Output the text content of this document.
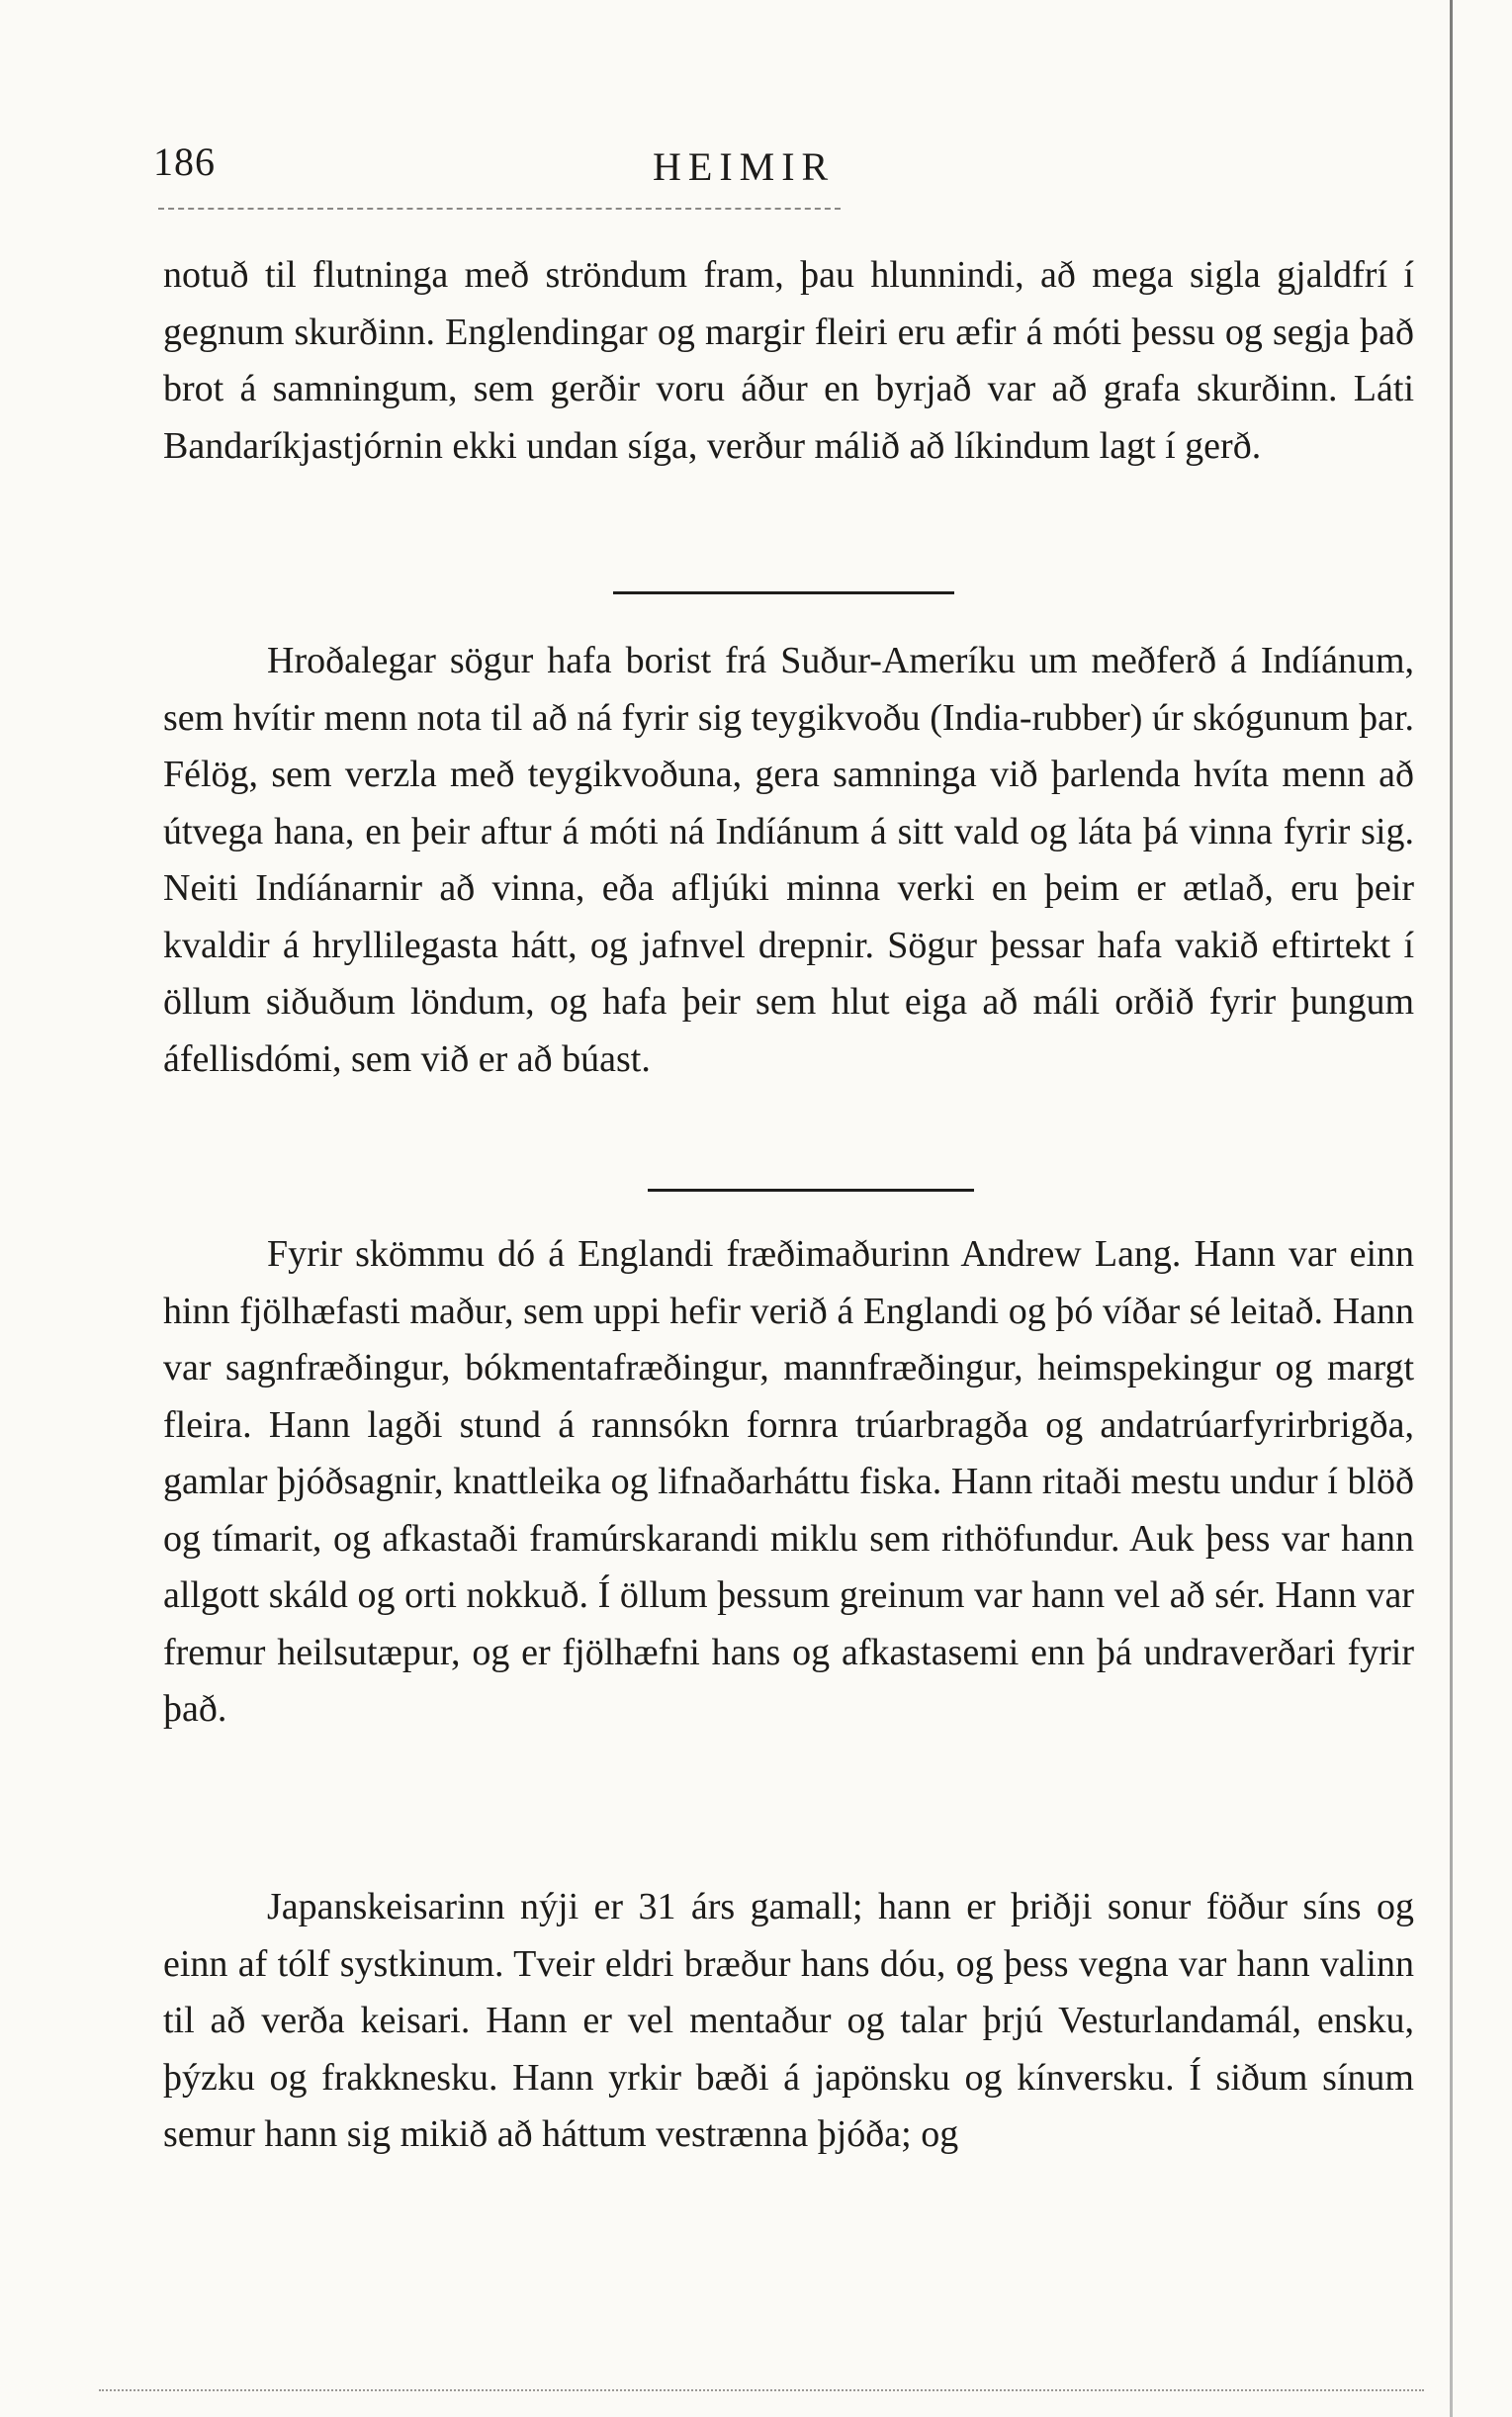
186	HEIMIR

notuð til flutninga með ströndum fram, þau hlunnindi, að mega sigla gjaldfrí í gegnum skurðinn. Englendingar og margir fleiri eru æfir á móti þessu og segja það brot á samningum, sem gerðir voru áður en byrjað var að grafa skurðinn. Láti Bandaríkjastjórnin ekki undan síga, verður málið að líkindum lagt í gerð.

Hroðalegar sögur hafa borist frá Suður-Ameríku um meðferð á Indíánum, sem hvítir menn nota til að ná fyrir sig teygikvoðu (India-rubber) úr skógunum þar. Félög, sem verzla með teygikvoðuna, gera samninga við þarlenda hvíta menn að útvega hana, en þeir aftur á móti ná Indíánum á sitt vald og láta þá vinna fyrir sig. Neiti Indíánarnir að vinna, eða afljúki minna verki en þeim er ætlað, eru þeir kvaldir á hryllilegasta hátt, og jafnvel drepnir. Sögur þessar hafa vakið eftirtekt í öllum siðuðum löndum, og hafa þeir sem hlut eiga að máli orðið fyrir þungum áfellisdómi, sem við er að búast.

Fyrir skömmu dó á Englandi fræðimaðurinn Andrew Lang. Hann var einn hinn fjölhæfasti maður, sem uppi hefir verið á Englandi og þó víðar sé leitað. Hann var sagnfræðingur, bókmentafræðingur, mannfræðingur, heimspekingur og margt fleira. Hann lagði stund á rannsókn fornra trúarbragða og andatrúarfyrirbrigða, gamlar þjóðsagnir, knattleika og lifnaðarháttu fiska. Hann ritaði mestu undur í blöð og tímarit, og afkastaði framúrskarandi miklu sem rithöfundur. Auk þess var hann allgott skáld og orti nokkuð. Í öllum þessum greinum var hann vel að sér. Hann var fremur heilsutæpur, og er fjölhæfni hans og afkastasemi enn þá undraverðari fyrir það.

Japanskeisarinn nýji er 31 árs gamall; hann er þriðji sonur föður síns og einn af tólf systkinum. Tveir eldri bræður hans dóu, og þess vegna var hann valinn til að verða keisari. Hann er vel mentaður og talar þrjú Vesturlandamál, ensku, þýzku og frakknesku. Hann yrkir bæði á japönsku og kínversku. Í siðum sínum semur hann sig mikið að háttum vestrænna þjóða; og
